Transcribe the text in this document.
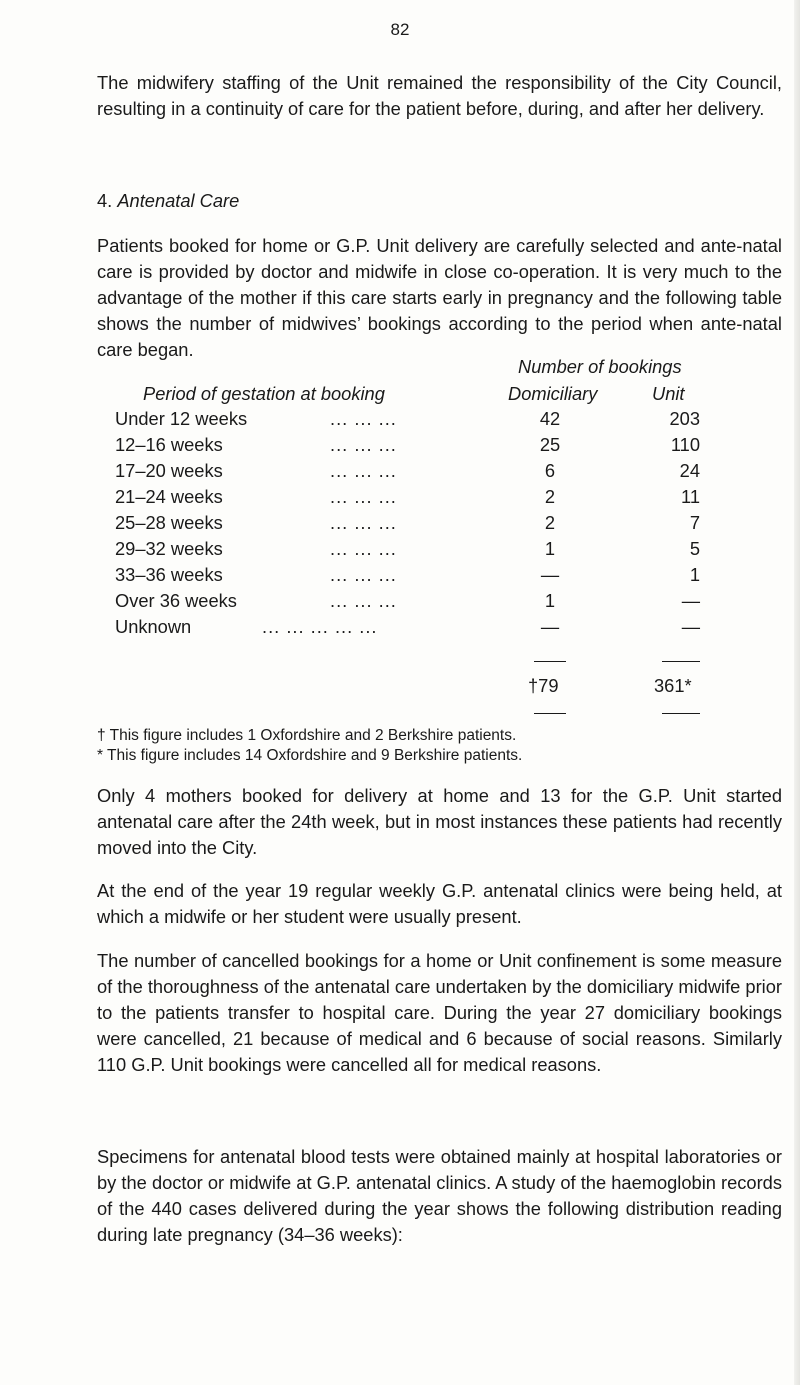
82

The midwifery staffing of the Unit remained the responsibility of the City Council, resulting in a continuity of care for the patient before, during, and after her delivery.

4. Antenatal Care

Patients booked for home or G.P. Unit delivery are carefully selected and ante-natal care is provided by doctor and midwife in close co-operation. It is very much to the advantage of the mother if this care starts early in pregnancy and the following table shows the number of midwives’ bookings according to the period when ante-natal care began.

Number of bookings
Period of gestation at booking	Domiciliary	Unit
Under 12 weeks	... ... ...	42	203
12–16 weeks	... ... ...	25	110
17–20 weeks	... ... ...	6	24
21–24 weeks	... ... ...	2	11
25–28 weeks	... ... ...	2	7
29–32 weeks	... ... ...	1	5
33–36 weeks	... ... ...	—	1
Over 36 weeks	... ... ...	1	—
Unknown	... ... ... ... ...	—	—
†79	361*
† This figure includes 1 Oxfordshire and 2 Berkshire patients.
* This figure includes 14 Oxfordshire and 9 Berkshire patients.

Only 4 mothers booked for delivery at home and 13 for the G.P. Unit started antenatal care after the 24th week, but in most instances these patients had recently moved into the City.

At the end of the year 19 regular weekly G.P. antenatal clinics were being held, at which a midwife or her student were usually present.

The number of cancelled bookings for a home or Unit confinement is some measure of the thoroughness of the antenatal care undertaken by the domiciliary midwife prior to the patients transfer to hospital care. During the year 27 domiciliary bookings were cancelled, 21 because of medical and 6 because of social reasons. Similarly 110 G.P. Unit bookings were cancelled all for medical reasons.

Specimens for antenatal blood tests were obtained mainly at hospital laboratories or by the doctor or midwife at G.P. antenatal clinics. A study of the haemoglobin records of the 440 cases delivered during the year shows the following distribution reading during late pregnancy (34–36 weeks):
